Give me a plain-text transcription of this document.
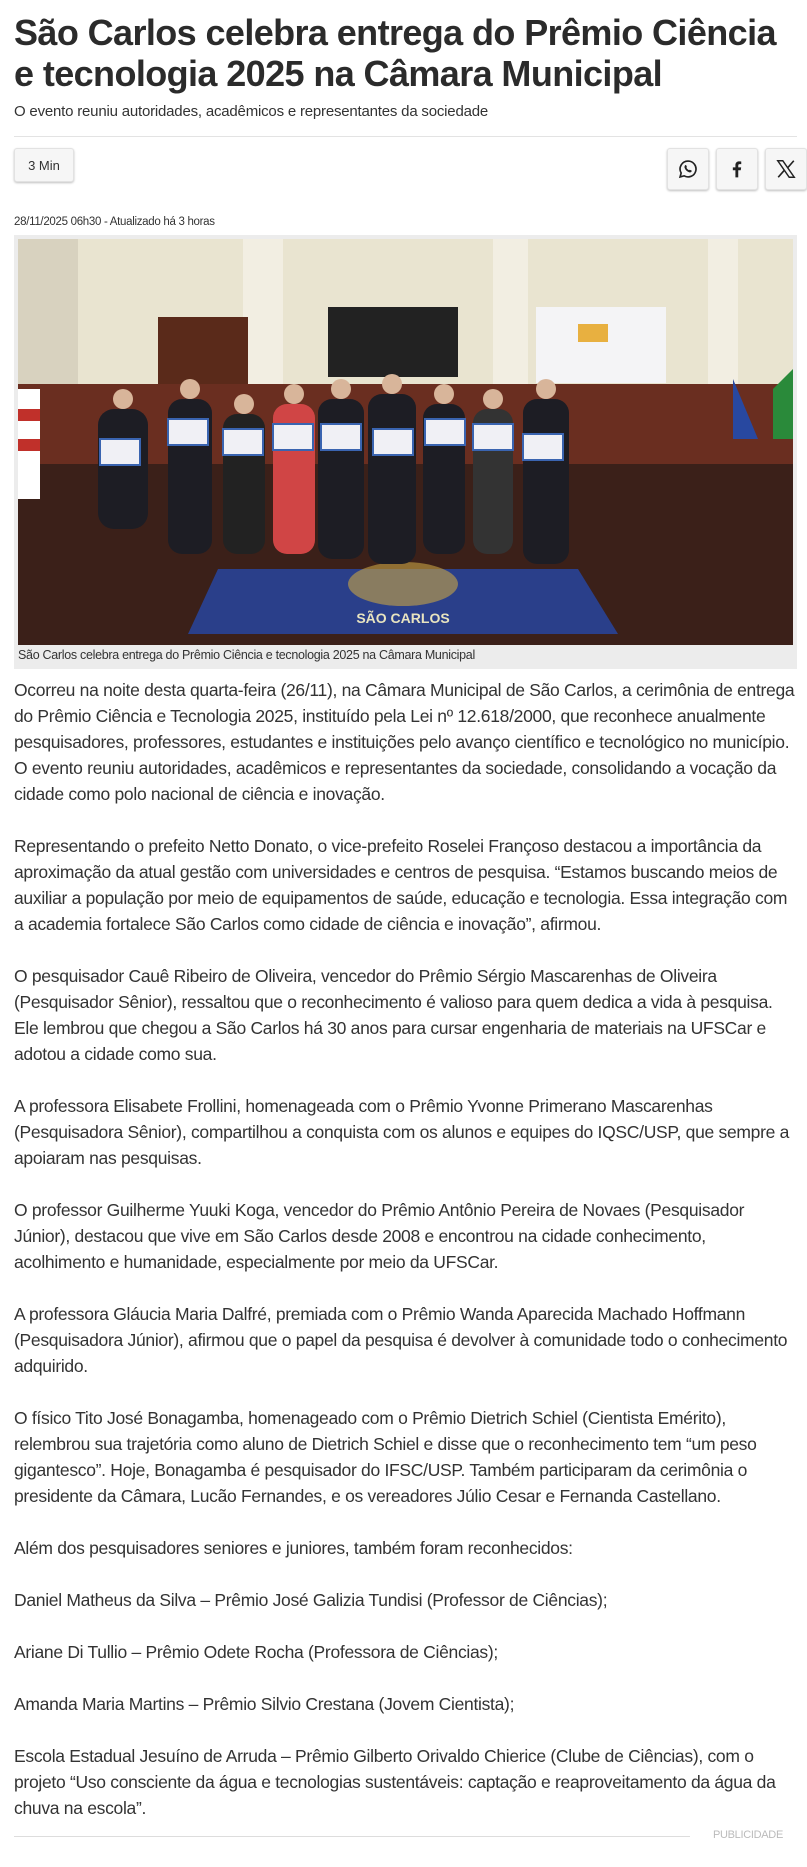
São Carlos celebra entrega do Prêmio Ciência e tecnologia 2025 na Câmara Municipal
O evento reuniu autoridades, acadêmicos e representantes da sociedade
3 Min
28/11/2025 06h30 - Atualizado há 3 horas
SÃO CARLOS
São Carlos celebra entrega do Prêmio Ciência e tecnologia 2025 na Câmara Municipal

Ocorreu na noite desta quarta-feira (26/11), na Câmara Municipal de São Carlos, a cerimônia de entrega do Prêmio Ciência e Tecnologia 2025, instituído pela Lei nº 12.618/2000, que reconhece anualmente pesquisadores, professores, estudantes e instituições pelo avanço científico e tecnológico no município. O evento reuniu autoridades, acadêmicos e representantes da sociedade, consolidando a vocação da cidade como polo nacional de ciência e inovação.

Representando o prefeito Netto Donato, o vice-prefeito Roselei Françoso destacou a importância da aproximação da atual gestão com universidades e centros de pesquisa. “Estamos buscando meios de auxiliar a população por meio de equipamentos de saúde, educação e tecnologia. Essa integração com a academia fortalece São Carlos como cidade de ciência e inovação”, afirmou.

O pesquisador Cauê Ribeiro de Oliveira, vencedor do Prêmio Sérgio Mascarenhas de Oliveira (Pesquisador Sênior), ressaltou que o reconhecimento é valioso para quem dedica a vida à pesquisa. Ele lembrou que chegou a São Carlos há 30 anos para cursar engenharia de materiais na UFSCar e adotou a cidade como sua.

A professora Elisabete Frollini, homenageada com o Prêmio Yvonne Primerano Mascarenhas (Pesquisadora Sênior), compartilhou a conquista com os alunos e equipes do IQSC/USP, que sempre a apoiaram nas pesquisas.

O professor Guilherme Yuuki Koga, vencedor do Prêmio Antônio Pereira de Novaes (Pesquisador Júnior), destacou que vive em São Carlos desde 2008 e encontrou na cidade conhecimento, acolhimento e humanidade, especialmente por meio da UFSCar.

A professora Gláucia Maria Dalfré, premiada com o Prêmio Wanda Aparecida Machado Hoffmann (Pesquisadora Júnior), afirmou que o papel da pesquisa é devolver à comunidade todo o conhecimento adquirido.

O físico Tito José Bonagamba, homenageado com o Prêmio Dietrich Schiel (Cientista Emérito), relembrou sua trajetória como aluno de Dietrich Schiel e disse que o reconhecimento tem “um peso gigantesco”. Hoje, Bonagamba é pesquisador do IFSC/USP. Também participaram da cerimônia o presidente da Câmara, Lucão Fernandes, e os vereadores Júlio Cesar e Fernanda Castellano.

Além dos pesquisadores seniores e juniores, também foram reconhecidos:

Daniel Matheus da Silva – Prêmio José Galizia Tundisi (Professor de Ciências);

Ariane Di Tullio – Prêmio Odete Rocha (Professora de Ciências);

Amanda Maria Martins – Prêmio Silvio Crestana (Jovem Cientista);

Escola Estadual Jesuíno de Arruda – Prêmio Gilberto Orivaldo Chierice (Clube de Ciências), com o projeto “Uso consciente da água e tecnologias sustentáveis: captação e reaproveitamento da água da chuva na escola”.

PUBLICIDADE
